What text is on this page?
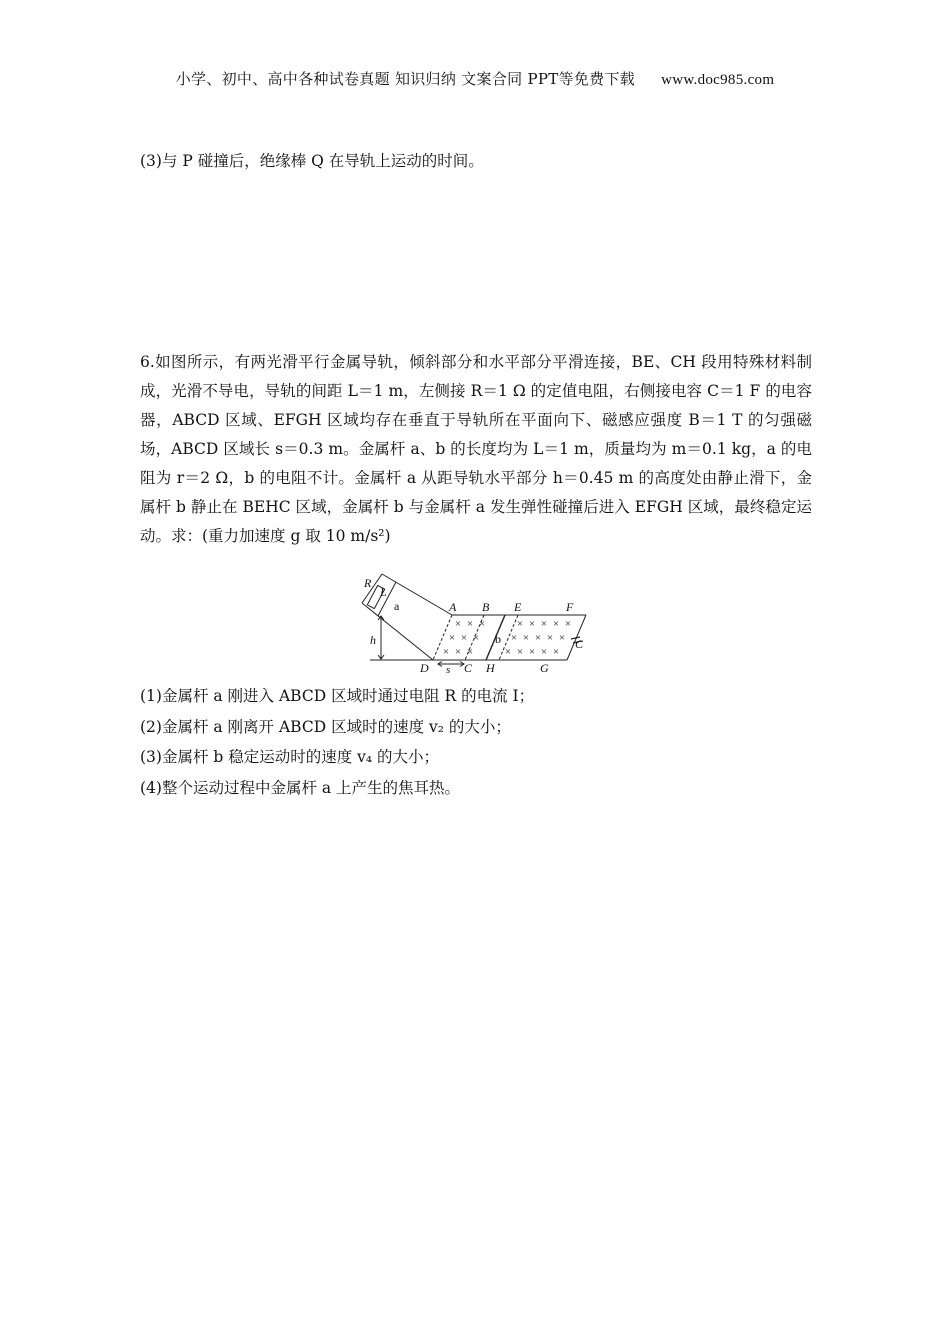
小学、初中、高中各种试卷真题 知识归纳 文案合同 PPT等免费下载 www.doc985.com
(3)与 P 碰撞后，绝缘棒 Q 在导轨上运动的时间。

6.如图所示，有两光滑平行金属导轨，倾斜部分和水平部分平滑连接，BE、CH 段用特殊材料制成，光滑不导电，导轨的间距 L＝1 m，左侧接 R＝1 Ω 的定值电阻，右侧接电容 C＝1 F 的电容器，ABCD 区域、EFGH 区域均存在垂直于导轨所在平面向下、磁感应强度 B＝1 T 的匀强磁场，ABCD 区域长 s＝0.3 m。金属杆 a、b 的长度均为 L＝1 m，质量均为 m＝0.1 kg，a 的电阻为 r＝2 Ω，b 的电阻不计。金属杆 a 从距导轨水平部分 h＝0.45 m 的高度处由静止滑下，金属杆 b 静止在 BEHC 区域，金属杆 b 与金属杆 a 发生弹性碰撞后进入 EFGH 区域，最终稳定运动。求：(重力加速度 g 取 10 m/s²)

× × ×
× × ×
× × ×
× × × × ×
× × × × ×
× × × × ×
A B E	F
D	C H	G
R
L
h
s
C
a
b
(1)金属杆 a 刚进入 ABCD 区域时通过电阻 R 的电流 I；
(2)金属杆 a 刚离开 ABCD 区域时的速度 v₂ 的大小；
(3)金属杆 b 稳定运动时的速度 v₄ 的大小；
(4)整个运动过程中金属杆 a 上产生的焦耳热。
